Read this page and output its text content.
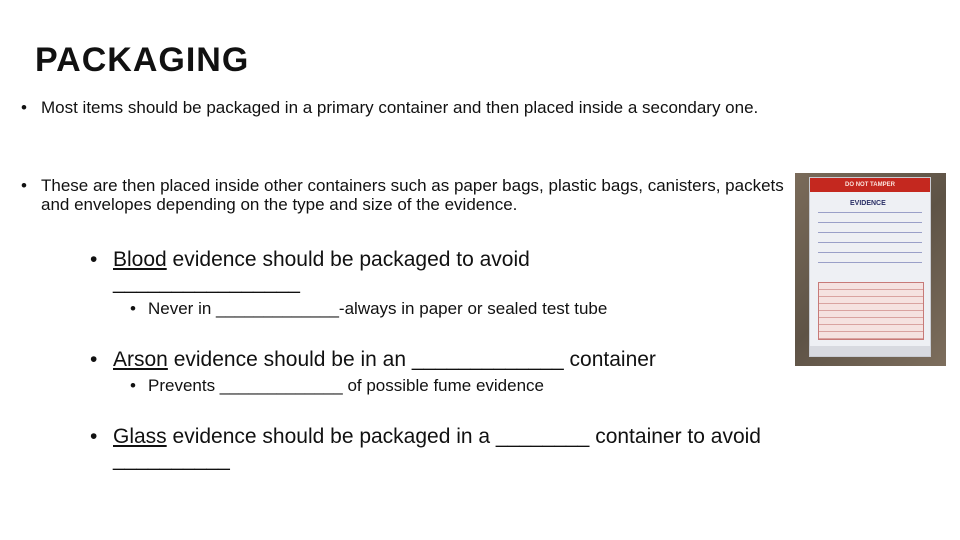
PACKAGING
• Most items should be packaged in a primary container and then placed inside a secondary one.
• These are then placed inside other containers such as paper bags, plastic bags, canisters, packets and envelopes depending on the type and size of the evidence.
• Blood evidence should be packaged to avoid ________________
• Never in _____________-always in paper or sealed test tube
• Arson evidence should be in an _____________ container
• Prevents _____________ of possible fume evidence
• Glass evidence should be packaged in a ________ container to avoid __________
DO NOT TAMPER
EVIDENCE
